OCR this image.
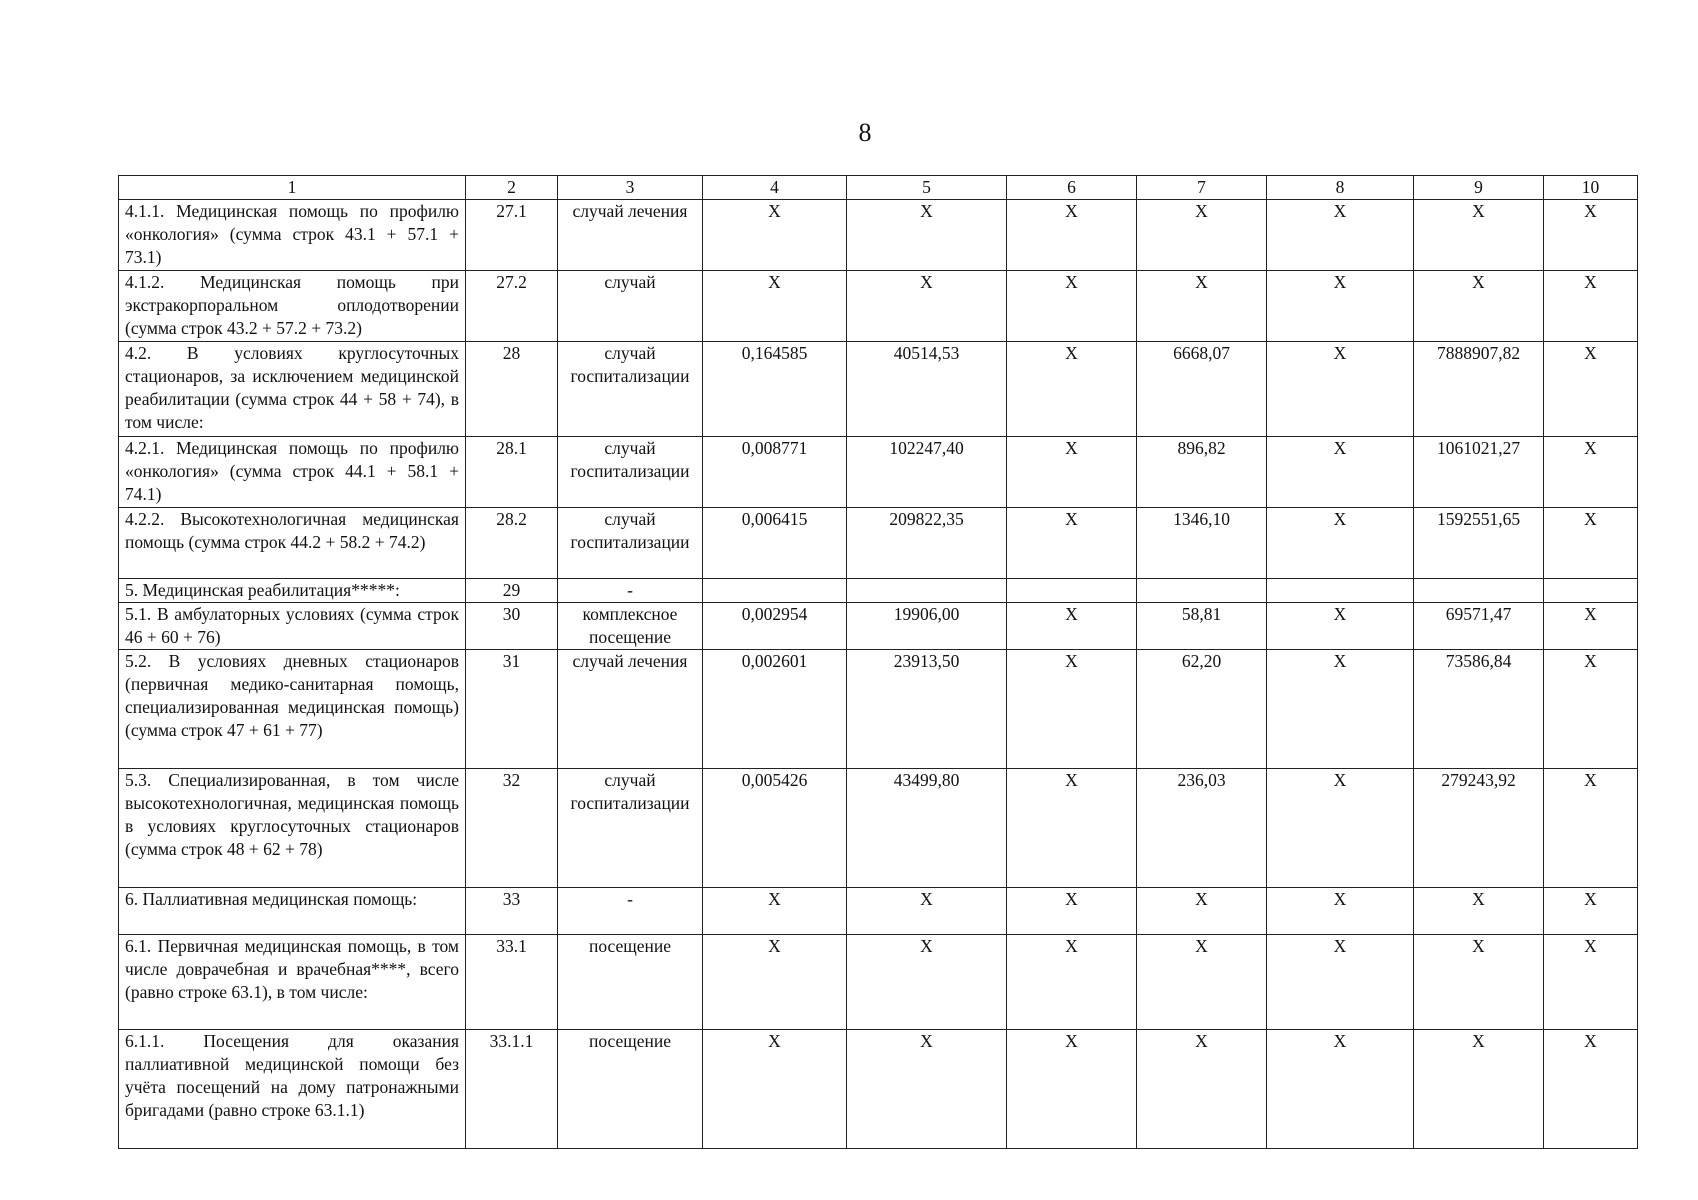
8
1	2	3	4	5	6	7	8	9	10
4.1.1. Медицинская помощь по профилю «онкология» (сумма строк 43.1 + 57.1 + 73.1)	27.1	случай лечения	X	X	X	X	X	X	X
4.1.2. Медицинская помощь при экстракорпоральном оплодотворении (сумма строк 43.2 + 57.2 + 73.2)	27.2	случай	X	X	X	X	X	X	X
4.2. В условиях круглосуточных стационаров, за исключением медицинской реабилитации (сумма строк 44 + 58 + 74), в том числе:	28	случай госпитализации	0,164585	40514,53	X	6668,07	X	7888907,82	X
4.2.1. Медицинская помощь по профилю «онкология» (сумма строк 44.1 + 58.1 + 74.1)	28.1	случай госпитализации	0,008771	102247,40	X	896,82	X	1061021,27	X
4.2.2. Высокотехнологичная медицинская помощь (сумма строк 44.2 + 58.2 + 74.2)	28.2	случай госпитализации	0,006415	209822,35	X	1346,10	X	1592551,65	X
5. Медицинская реабилитация*****:	29	-							
5.1. В амбулаторных условиях (сумма строк 46 + 60 + 76)	30	комплексное посещение	0,002954	19906,00	X	58,81	X	69571,47	X
5.2. В условиях дневных стационаров (первичная медико-санитарная помощь, специализированная медицинская помощь) (сумма строк 47 + 61 + 77)	31	случай лечения	0,002601	23913,50	X	62,20	X	73586,84	X
5.3. Специализированная, в том числе высокотехнологичная, медицинская помощь в условиях круглосуточных стационаров (сумма строк 48 + 62 + 78)	32	случай госпитализации	0,005426	43499,80	X	236,03	X	279243,92	X
6. Паллиативная медицинская помощь:	33	-	X	X	X	X	X	X	X
6.1. Первичная медицинская помощь, в том числе доврачебная и врачебная****, всего (равно строке 63.1), в том числе:	33.1	посещение	X	X	X	X	X	X	X
6.1.1. Посещения для оказания паллиативной медицинской помощи без учёта посещений на дому патронажными бригадами (равно строке 63.1.1)	33.1.1	посещение	X	X	X	X	X	X	X
